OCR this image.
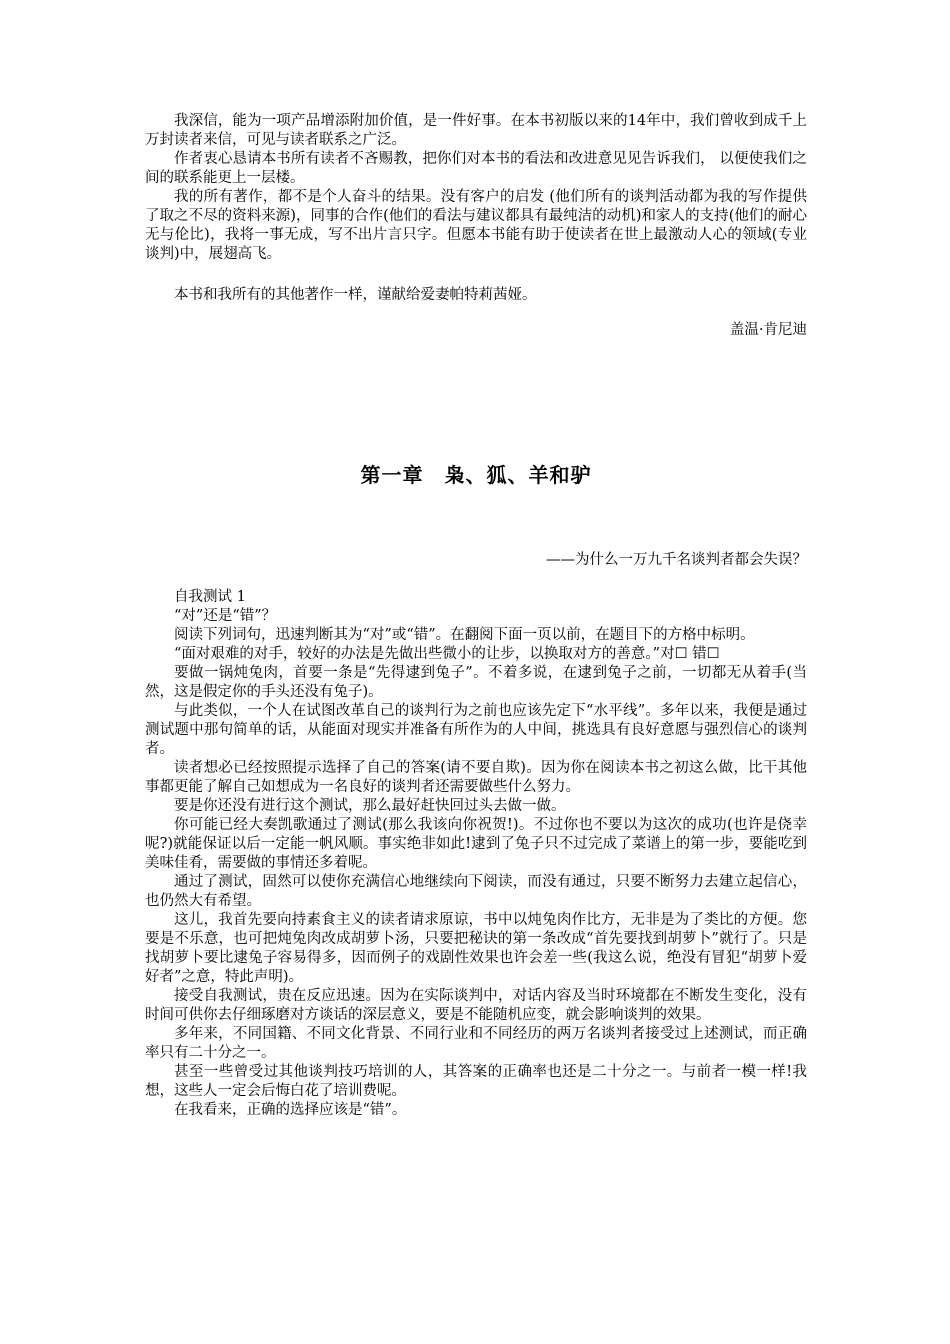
我深信，能为一项产品增添附加价值，是一件好事。在本书初版以来的14年中，我们曾收到成千上万封读者来信，可见与读者联系之广泛。

作者衷心恳请本书所有读者不吝赐教，把你们对本书的看法和改进意见见告诉我们， 以便使我们之间的联系能更上一层楼。

我的所有著作，都不是个人奋斗的结果。没有客户的启发 (他们所有的谈判活动都为我的写作提供了取之不尽的资料来源)，同事的合作(他们的看法与建议都具有最纯洁的动机)和家人的支持(他们的耐心无与伦比)，我将一事无成，写不出片言只字。但愿本书能有助于使读者在世上最激动人心的领域(专业谈判)中，展翅高飞。

本书和我所有的其他著作一样，谨献给爱妻帕特莉茜娅。

盖温·肯尼迪

第一章　枭、狐、羊和驴

——为什么一万九千名谈判者都会失误？

自我测试 1

“对”还是“错”？

阅读下列词句，迅速判断其为“对”或“错”。在翻阅下面一页以前，在题目下的方格中标明。

“面对艰难的对手，较好的办法是先做出些微小的让步，以换取对方的善意。”对☐ 错☐

要做一锅炖兔肉，首要一条是“先得逮到兔子”。不着多说，在逮到兔子之前，一切都无从着手(当然，这是假定你的手头还没有兔子)。

与此类似，一个人在试图改革自己的谈判行为之前也应该先定下“水平线”。多年以来，我便是通过测试题中那句简单的话，从能面对现实并准备有所作为的人中间，挑选具有良好意愿与强烈信心的谈判者。

读者想必已经按照提示选择了自己的答案(请不要自欺)。因为你在阅读本书之初这么做，比干其他事都更能了解自己如想成为一名良好的谈判者还需要做些什么努力。

要是你还没有进行这个测试，那么最好赶快回过头去做一做。

你可能已经大奏凯歌通过了测试(那么我该向你祝贺!)。不过你也不要以为这次的成功(也许是侥幸呢?)就能保证以后一定能一帆风顺。事实绝非如此!逮到了兔子只不过完成了菜谱上的第一步，要能吃到美味佳肴，需要做的事情还多着呢。

通过了测试，固然可以使你充满信心地继续向下阅读，而没有通过，只要不断努力去建立起信心，也仍然大有希望。

这儿，我首先要向持素食主义的读者请求原谅，书中以炖兔肉作比方，无非是为了类比的方便。您要是不乐意，也可把炖兔肉改成胡萝卜汤，只要把秘诀的第一条改成“首先要找到胡萝卜”就行了。只是找胡萝卜要比逮兔子容易得多，因而例子的戏剧性效果也许会差一些(我这么说，绝没有冒犯“胡萝卜爱好者”之意，特此声明)。

接受自我测试，贵在反应迅速。因为在实际谈判中，对话内容及当时环境都在不断发生变化，没有时间可供你去仔细琢磨对方谈话的深层意义，要是不能随机应变，就会影响谈判的效果。

多年来，不同国籍、不同文化背景、不同行业和不同经历的两万名谈判者接受过上述测试，而正确率只有二十分之一。

甚至一些曾受过其他谈判技巧培训的人，其答案的正确率也还是二十分之一。与前者一模一样!我想，这些人一定会后悔白花了培训费呢。

在我看来，正确的选择应该是“错”。
